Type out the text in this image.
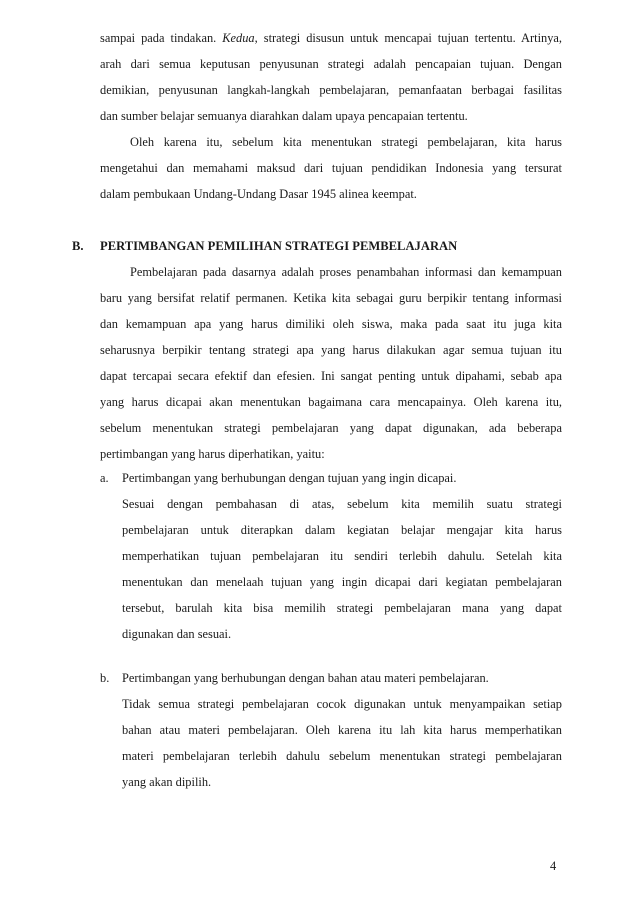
sampai pada tindakan. Kedua, strategi disusun untuk mencapai tujuan tertentu. Artinya,
arah dari semua keputusan penyusunan strategi adalah pencapaian tujuan. Dengan
demikian, penyusunan langkah-langkah pembelajaran, pemanfaatan berbagai fasilitas
dan sumber belajar semuanya diarahkan dalam upaya pencapaian tertentu.
Oleh karena itu, sebelum kita menentukan strategi pembelajaran, kita harus
mengetahui dan memahami maksud dari tujuan pendidikan Indonesia yang tersurat
dalam pembukaan Undang-Undang Dasar 1945 alinea keempat.
B. PERTIMBANGAN PEMILIHAN STRATEGI PEMBELAJARAN
Pembelajaran pada dasarnya adalah proses penambahan informasi dan kemampuan
baru yang bersifat relatif permanen. Ketika kita sebagai guru berpikir tentang informasi
dan kemampuan apa yang harus dimiliki oleh siswa, maka pada saat itu juga kita
seharusnya berpikir tentang strategi apa yang harus dilakukan agar semua tujuan itu
dapat tercapai secara efektif dan efesien. Ini sangat penting untuk dipahami, sebab apa
yang harus dicapai akan menentukan bagaimana cara mencapainya. Oleh karena itu,
sebelum menentukan strategi pembelajaran yang dapat digunakan, ada beberapa
pertimbangan yang harus diperhatikan, yaitu:
a. Pertimbangan yang berhubungan dengan tujuan yang ingin dicapai.
Sesuai dengan pembahasan di atas, sebelum kita memilih suatu strategi
pembelajaran untuk diterapkan dalam kegiatan belajar mengajar kita harus
memperhatikan tujuan pembelajaran itu sendiri terlebih dahulu. Setelah kita
menentukan dan menelaah tujuan yang ingin dicapai dari kegiatan pembelajaran
tersebut, barulah kita bisa memilih strategi pembelajaran mana yang dapat
digunakan dan sesuai.
b. Pertimbangan yang berhubungan dengan bahan atau materi pembelajaran.
Tidak semua strategi pembelajaran cocok digunakan untuk menyampaikan setiap
bahan atau materi pembelajaran. Oleh karena itu lah kita harus memperhatikan
materi pembelajaran terlebih dahulu sebelum menentukan strategi pembelajaran
yang akan dipilih.
4
